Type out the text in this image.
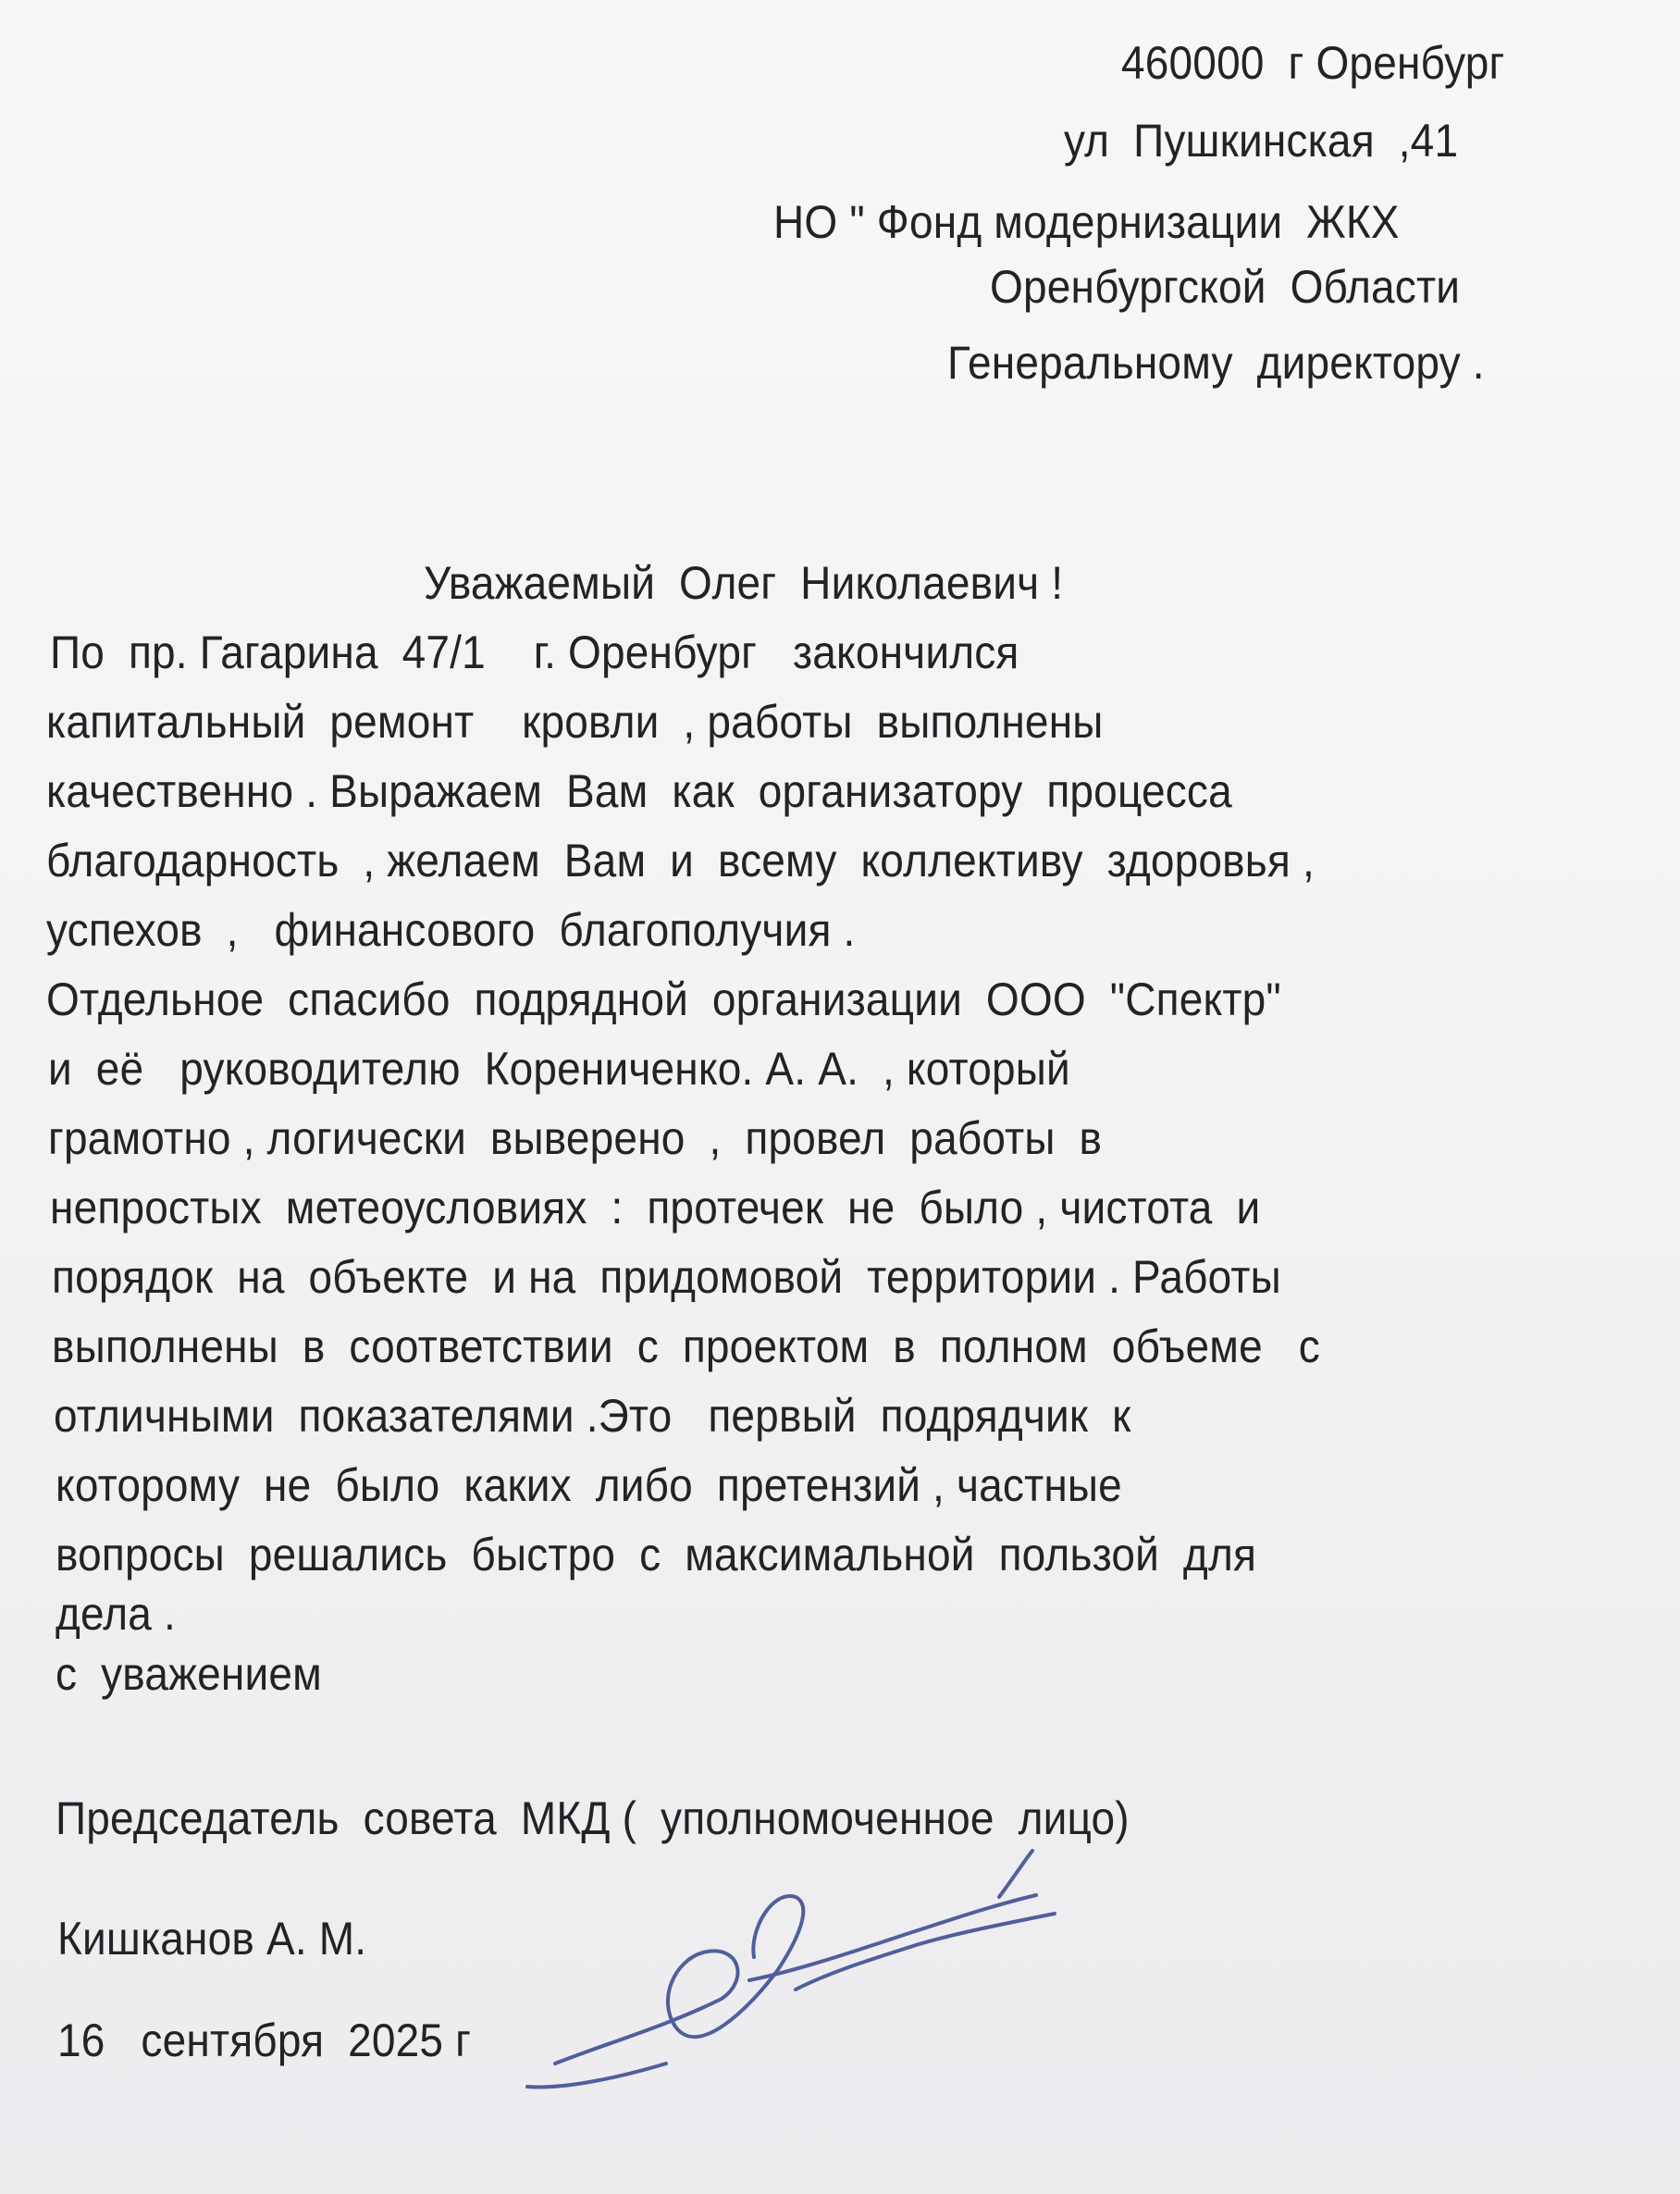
460000  г Оренбург
ул  Пушкинская  ,41
НО " Фонд модернизации  ЖКХ
Оренбургской  Области
Генеральному  директору .
Уважаемый  Олег  Николаевич !
По  пр. Гагарина  47/1    г. Оренбург   закончился
капитальный  ремонт    кровли  , работы  выполнены
качественно . Выражаем  Вам  как  организатору  процесса
благодарность  , желаем  Вам  и  всему  коллективу  здоровья ,
успехов  ,   финансового  благополучия .
Отдельное  спасибо  подрядной  организации  ООО  "Спектр"
и  её   руководителю  Корениченко. А. А.  , который
грамотно , логически  выверено  ,  провел  работы  в
непростых  метеоусловиях  :  протечек  не  было , чистота  и
порядок  на  объекте  и на  придомовой  территории . Работы
выполнены  в  соответствии  с  проектом  в  полном  объеме   с
отличными  показателями .Это   первый  подрядчик  к
которому  не  было  каких  либо  претензий , частные
вопросы  решались  быстро  с  максимальной  пользой  для
дела .
с  уважением
Председатель  совета  МКД (  уполномоченное  лицо)
Кишканов А. М.
16   сентября  2025 г
